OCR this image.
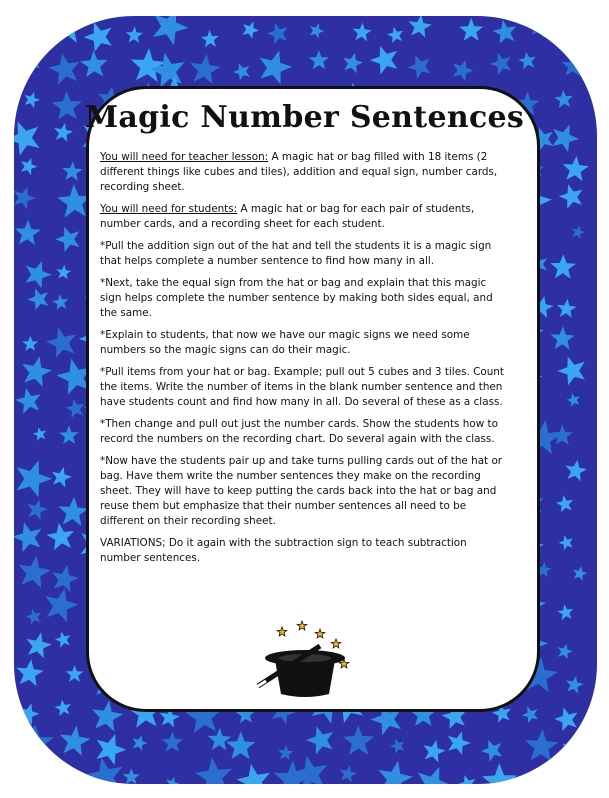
Magic Number Sentences

You will need for teacher lesson: A magic hat or bag filled with 18 items (2 different things like cubes and tiles), addition and equal sign, number cards, recording sheet.

You will need for students: A magic hat or bag for each pair of students, number cards, and a recording sheet for each student.

*Pull the addition sign out of the hat and tell the students it is a magic sign that helps complete a number sentence to find how many in all.

*Next, take the equal sign from the hat or bag and explain that this magic sign helps complete the number sentence by making both sides equal, and the same.

*Explain to students, that now we have our magic signs we need some numbers so the magic signs can do their magic.

*Pull items from your hat or bag. Example; pull out 5 cubes and 3 tiles. Count the items. Write the number of items in the blank number sentence and then have students count and find how many in all. Do several of these as a class.

*Then change and pull out just the number cards. Show the students how to record the numbers on the recording chart. Do several again with the class.

*Now have the students pair up and take turns pulling cards out of the hat or bag. Have them write the number sentences they make on the recording sheet. They will have to keep putting the cards back into the hat or bag and reuse them but emphasize that their number sentences all need to be different on their recording sheet.

VARIATIONS; Do it again with the subtraction sign to teach subtraction number sentences.
